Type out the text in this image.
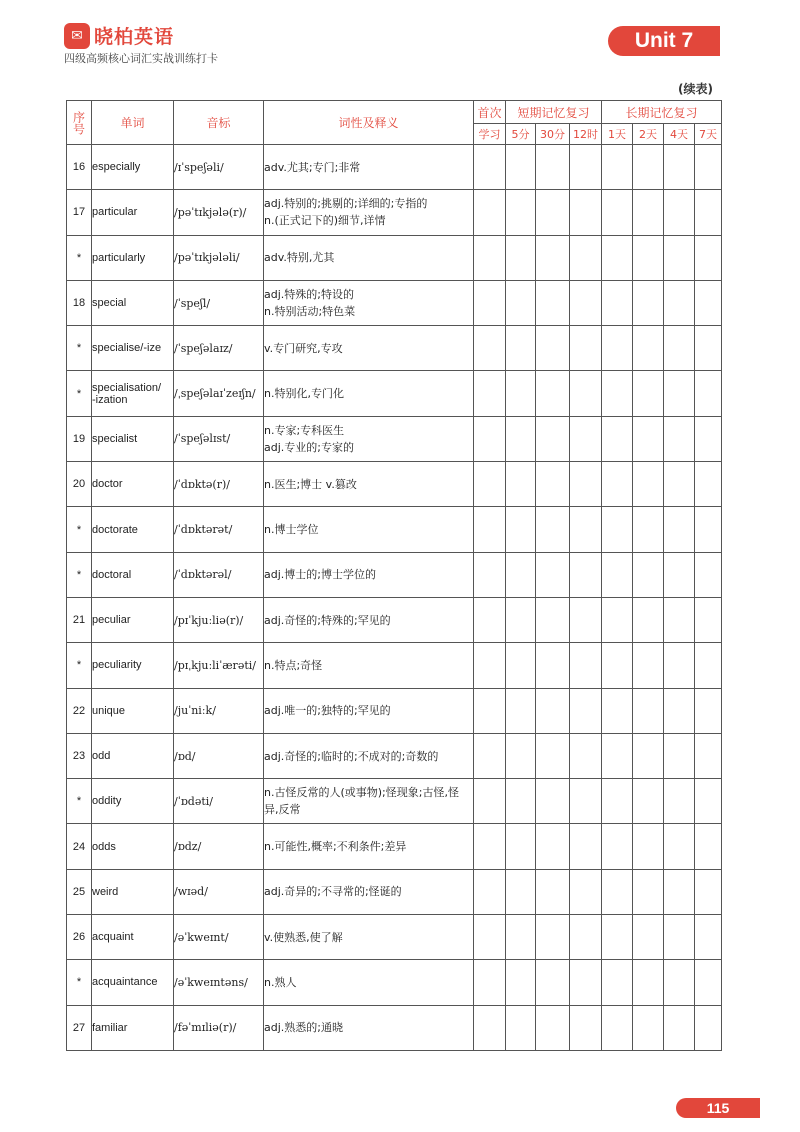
✉ 晓柏英语
四级高频核心词汇实战训练打卡
Unit 7
(续表)
序号	单词	音标	词性及释义	首次	短期记忆复习			长期记忆复习			
				学习	5分	30分	12时	1天	2天	4天	7天
16	especially	/ɪˈspeʃəli/	adv.尤其;专门;非常								
17	particular	/pəˈtɪkjələ(r)/	adj.特别的;挑剔的;详细的;专指的
n.(正式记下的)细节,详情								
*	particularly	/pəˈtɪkjələli/	adv.特别,尤其								
18	special	/ˈspeʃl/	adj.特殊的;特设的
n.特别活动;特色菜								
*	specialise/-ize	/ˈspeʃəlaɪz/	v.专门研究,专攻								
*	specialisation/
-ization	/ˌspeʃəlaɪˈzeɪʃn/	n.特别化,专门化								
19	specialist	/ˈspeʃəlɪst/	n.专家;专科医生
adj.专业的;专家的								
20	doctor	/ˈdɒktə(r)/	n.医生;博士 v.篡改								
*	doctorate	/ˈdɒktərət/	n.博士学位								
*	doctoral	/ˈdɒktərəl/	adj.博士的;博士学位的								
21	peculiar	/pɪˈkjuːliə(r)/	adj.奇怪的;特殊的;罕见的								
*	peculiarity	/pɪˌkjuːliˈærəti/	n.特点;奇怪								
22	unique	/juˈniːk/	adj.唯一的;独特的;罕见的								
23	odd	/ɒd/	adj.奇怪的;临时的;不成对的;奇数的								
*	oddity	/ˈɒdəti/	n.古怪反常的人(或事物);怪现象;古怪,怪异,反常								
24	odds	/ɒdz/	n.可能性,概率;不利条件;差异								
25	weird	/wɪəd/	adj.奇异的;不寻常的;怪诞的								
26	acquaint	/əˈkweɪnt/	v.使熟悉,使了解								
*	acquaintance	/əˈkweɪntəns/	n.熟人								
27	familiar	/fəˈmɪliə(r)/	adj.熟悉的;通晓								
115
